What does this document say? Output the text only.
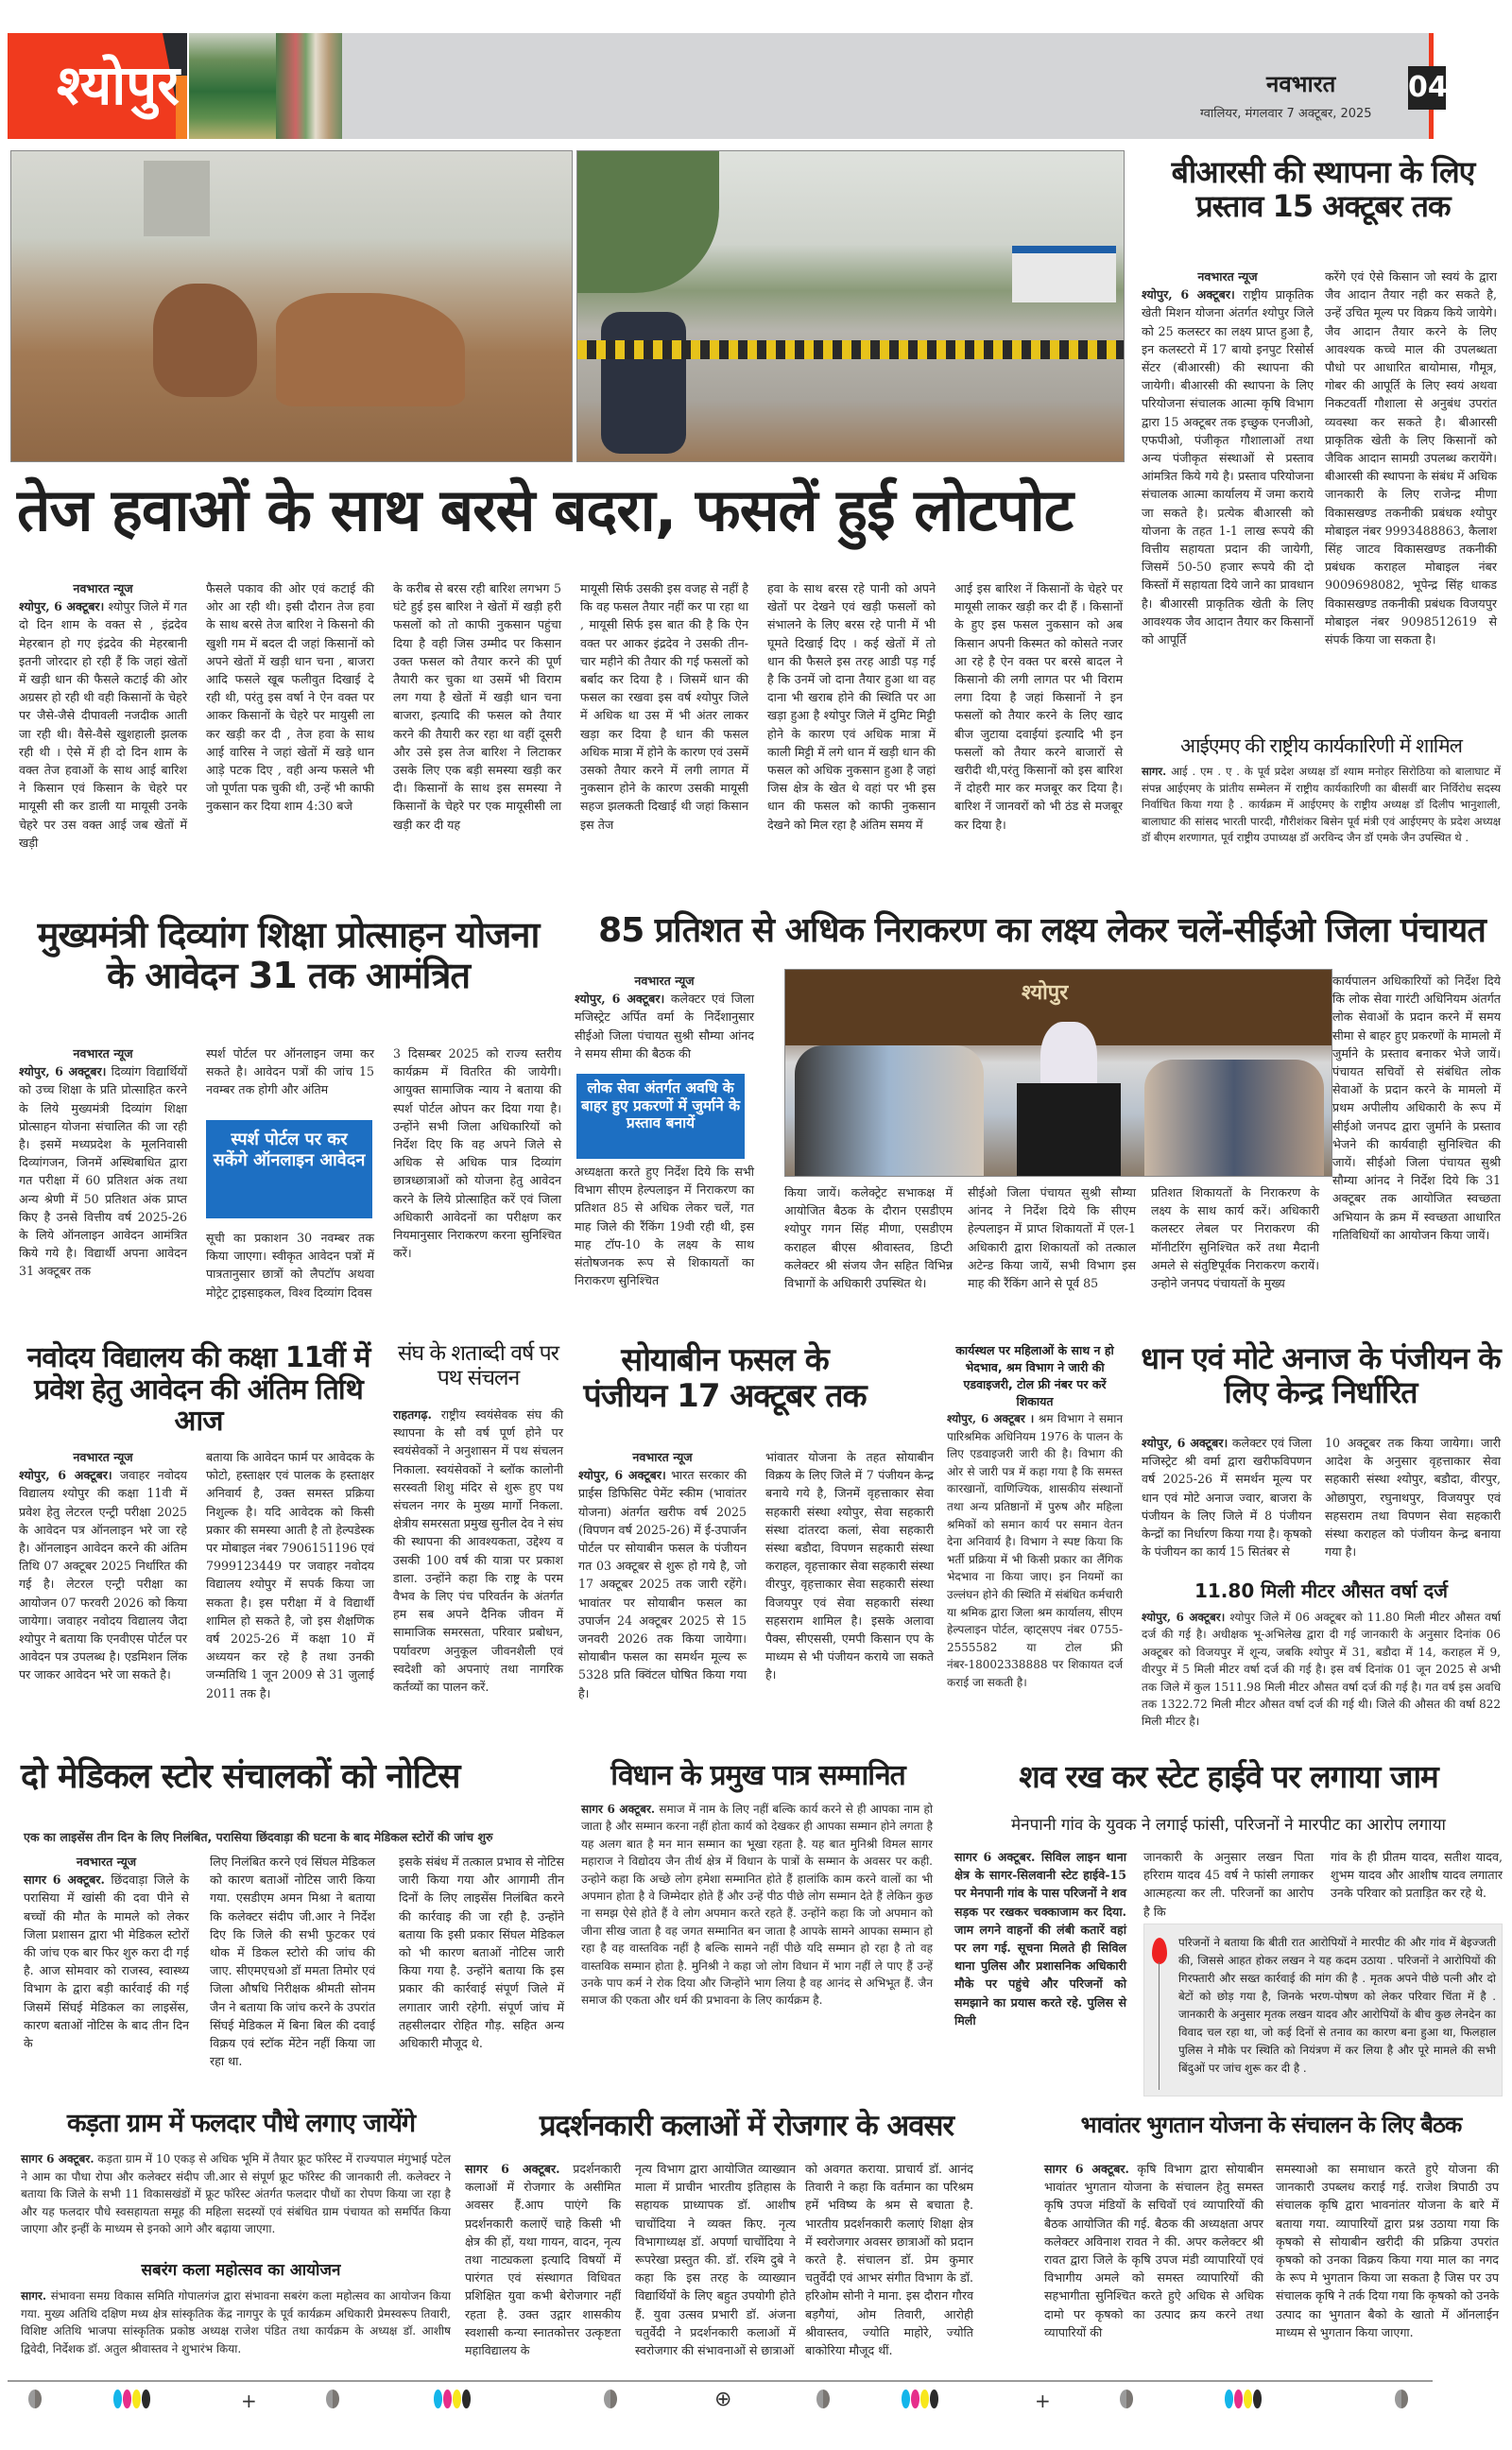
श्योपुर	नवभारत	04
ग्वालियर, मंगलवार 7 अक्टूबर, 2025
तेज हवाओं के साथ बरसे बदरा, फसलें हुई लोटपोट
नवभारत न्यूज
श्योपुर, 6 अक्टूबर। श्योपुर जिले में गत दो दिन शाम के वक्त से , इंद्रदेव मेहरबान हो गए इंद्रदेव की मेहरबानी इतनी जोरदार हो रही हैं कि जहां खेतों में खड़ी धान की फैसले कटाई की ओर अग्रसर हो रही थी वही किसानों के चेहरे पर जैसे-जैसे दीपावली नजदीक आती जा रही थी। वैसे-वैसे खुशहाली झलक रही थी । ऐसे में ही दो दिन शाम के वक्त तेज हवाओं के साथ आई बारिश ने किसान एवं किसान के चेहरे पर मायूसी सी कर डाली या मायूसी उनके चेहरे पर उस वक्त आई जब खेतों में खड़ी
फैसले पकाव की ओर एवं कटाई की ओर आ रही थी। इसी दौरान तेज हवा के साथ बरसे तेज बारिश ने किसनो की खुशी गम में बदल दी जहां किसानों को अपने खेतों में खड़ी धान चना , बाजरा आदि फसले खूब फलीवुत दिखाई दे रही थी, परंतु इस वर्षा ने ऐन वक्त पर आकर किसानों के चेहरे पर मायुसी ला कर खड़ी कर दी , तेज हवा के साथ आई वारिस ने जहां खेतों में खड़े धान आड़े पटक दिए , वही अन्य फसले भी जो पूर्णता पक चुकी थी, उन्हें भी काफी नुकसान कर दिया शाम 4:30 बजे
के करीब से बरस रही बारिश लगभग 5 घंटे हुई इस बारिश ने खेतों में खड़ी हरी फसलों को तो काफी नुकसान पहुंचा दिया है वही जिस उम्मीद पर किसान उक्त फसल को तैयार करने की पूर्ण तैयारी कर चुका था उसमें भी विराम लग गया है खेतों में खड़ी धान चना बाजरा, इत्यादि की फसल को तैयार करने की तैयारी कर रहा था वहीं दूसरी और उसे इस तेज बारिश ने लिटाकर उसके लिए एक बड़ी समस्या खड़ी कर दी। किसानों के साथ इस समस्या ने किसानों के चेहरे पर एक मायूसीसी ला खड़ी कर दी यह
मायूसी सिर्फ उसकी इस वजह से नहीं है कि वह फसल तैयार नहीं कर पा रहा था , मायूसी सिर्फ इस बात की है कि ऐन वक्त पर आकर इंद्रदेव ने उसकी तीन-चार महीने की तैयार की गई फसलों को बर्बाद कर दिया है । जिसमें धान की फसल का रखवा इस वर्ष श्योपुर जिले में अधिक था उस में भी अंतर लाकर खड़ा कर दिया है धान की फसल अधिक मात्रा में होने के कारण एवं उसमें उसको तैयार करने में लगी लागत में नुकसान होने के कारण उसकी मायूसी सहज झलकती दिखाई थी जहां किसान इस तेज
हवा के साथ बरस रहे पानी को अपने खेतों पर देखने एवं खड़ी फसलों को संभालने के लिए बरस रहे पानी में भी घूमते दिखाई दिए । कई खेतों में तो धान की फैसले इस तरह आडी पड़ गई है कि उनमें जो दाना तैयार हुआ था वह दाना भी खराब होने की स्थिति पर आ खड़ा हुआ है श्योपुर जिले में दुमिट मिट्टी होने के कारण एवं अधिक मात्रा में काली मिट्टी में लगे धान में खड़ी धान की फसल को अधिक नुकसान हुआ है जहां जिस क्षेत्र के खेत थे वहां पर भी इस धान की फसल को काफी नुकसान देखने को मिल रहा है अंतिम समय में
आई इस बारिश नें किसानों के चेहरे पर मायूसी लाकर खड़ी कर दी हैं । किसानों के हुए इस फसल नुकसान को अब किसान अपनी किस्मत को कोसते नजर आ रहे है ऐन वक्त पर बरसे बादल ने किसानो की लगी लागत पर भी विराम लगा दिया है जहां किसानों ने इन फसलों को तैयार करने के लिए खाद बीज जुटाया दवाईयां इत्यादि भी इन फसलों को तैयार करने बाजारों से खरीदी थी,परंतु किसानों को इस बारिश नें दोहरी मार कर मजबूर कर दिया है। बारिश नें जानवरों को भी ठंड से मजबूर कर दिया है।
बीआरसी की स्थापना के लिए प्रस्ताव 15 अक्टूबर तक
नवभारत न्यूज
श्योपुर, 6 अक्टूबर। राष्ट्रीय प्राकृतिक खेती मिशन योजना अंतर्गत श्योपुर जिले को 25 कलस्टर का लक्ष्य प्राप्त हुआ है, इन कलस्टरो में 17 बायो इनपुट रिसोर्स सेंटर (बीआरसी) की स्थापना की जायेगी। बीआरसी की स्थापना के लिए परियोजना संचालक आत्मा कृषि विभाग द्वारा 15 अक्टूबर तक इच्छुक एनजीओ, एफपीओ, पंजीकृत गौशालाओं तथा अन्य पंजीकृत संस्थाओं से प्रस्ताव आंमत्रित किये गये है। प्रस्ताव परियोजना संचालक आत्मा कार्यालय में जमा कराये जा सकते है। प्रत्येक बीआरसी को योजना के तहत 1-1 लाख रूपये की वित्तीय सहायता प्रदान की जायेगी, जिसमें 50-50 हजार रूपये की दो किस्तों में सहायता दिये जाने का प्रावधान है। बीआरसी प्राकृतिक खेती के लिए आवश्यक जैव आदान तैयार कर किसानों को आपूर्ति
करेंगे एवं ऐसे किसान जो स्वयं के द्वारा जैव आदान तैयार नही कर सकते है, उन्हें उचित मूल्य पर विक्रय किये जायेगे। जैव आदान तैयार करने के लिए आवश्यक कच्चे माल की उपलब्धता पौधो पर आधारित बायोमास, गौमूत्र, गोबर की आपूर्ति के लिए स्वयं अथवा निकटवर्ती गौशाला से अनुबंध उपरांत व्यवस्था कर सकते है। बीआरसी प्राकृतिक खेती के लिए किसानों को जैविक आदान सामग्री उपलब्ध करायेंगे। बीआरसी की स्थापना के संबंध में अधिक जानकारी के लिए राजेन्द्र मीणा विकासखण्ड तकनीकी प्रबंधक श्योपुर मोबाइल नंबर 9993488863, कैलाश सिंह जाटव विकासखण्ड तकनीकी प्रबंधक कराहल मोबाइल नंबर 9009698082, भूपेन्द्र सिंह धाकड विकासखण्ड तकनीकी प्रबंधक विजयपुर मोबाइल नंबर 9098512619 से संपर्क किया जा सकता है।
आईएमए की राष्ट्रीय कार्यकारिणी में शामिल
सागर. आई . एम . ए . के पूर्व प्रदेश अध्यक्ष डॉ श्याम मनोहर सिरोठिया को बालाघाट में संपन्न आईएमए के प्रांतीय सम्मेलन में राष्ट्रीय कार्यकारिणी का बीसवीं बार निर्विरोध सदस्य निर्वाचित किया गया है . कार्यक्रम में आईएमए के राष्ट्रीय अध्यक्ष डॉ दिलीप भानुशाली, बालाघाट की सांसद भारती पारदी, गौरीशंकर बिसेन पूर्व मंत्री एवं आईएमए के प्रदेश अध्यक्ष डॉ बीएम शरणागत, पूर्व राष्ट्रीय उपाध्यक्ष डॉ अरविन्द जैन डॉ एमके जैन उपस्थित थे .
मुख्यमंत्री दिव्यांग शिक्षा प्रोत्साहन योजना के आवेदन 31 तक आमंत्रित
नवभारत न्यूज
श्योपुर, 6 अक्टूबर। दिव्यांग विद्यार्थियों को उच्च शिक्षा के प्रति प्रोत्साहित करने के लिये मुख्यमंत्री दिव्यांग शिक्षा प्रोत्साहन योजना संचालित की जा रही है। इसमें मध्यप्रदेश के मूलनिवासी दिव्यांगजन, जिनमें अस्थिबाधित द्वारा गत परीक्षा में 60 प्रतिशत अंक तथा अन्य श्रेणी में 50 प्रतिशत अंक प्राप्त किए है उनसे वित्तीय वर्ष 2025-26 के लिये ऑनलाइन आवेदन आमंत्रित किये गये है। विद्यार्थी अपना आवेदन 31 अक्टूबर तक
स्पर्श पोर्टल पर ऑनलाइन जमा कर सकते है। आवेदन पत्रों की जांच 15 नवम्बर तक होगी और अंतिम
स्पर्श पोर्टल पर कर सकेंगे ऑनलाइन आवेदन
सूची का प्रकाशन 30 नवम्बर तक किया जाएगा। स्वीकृत आवेदन पत्रों में पात्रतानुसार छात्रों को लैपटॉप अथवा मोट्रेट ट्राइसाइकल, विश्व दिव्यांग दिवस
3 दिसम्बर 2025 को राज्य स्तरीय कार्यक्रम में वितरित की जायेगी। आयुक्त सामाजिक न्याय ने बताया की स्पर्श पोर्टल ओपन कर दिया गया है। उन्होंने सभी जिला अधिकारियों को निर्देश दिए कि वह अपने जिले से अधिक से अधिक पात्र दिव्यांग छात्रध्छात्राओं को योजना हेतु आवेदन करने के लिये प्रोत्साहित करें एवं जिला अधिकारी आवेदनों का परीक्षण कर नियमानुसार निराकरण करना सुनिश्चित करें।
85 प्रतिशत से अधिक निराकरण का लक्ष्य लेकर चलें-सीईओ जिला पंचायत
नवभारत न्यूज
श्योपुर, 6 अक्टूबर। कलेक्टर एवं जिला मजिस्ट्रेट अर्पित वर्मा के निर्देशानुसार सीईओ जिला पंचायत सुश्री सौम्या आंनद ने समय सीमा की बैठक की
लोक सेवा अंतर्गत अवधि के बाहर हुए प्रकरणों में जुर्माने के प्रस्ताव बनायें
अध्यक्षता करते हुए निर्देश दिये कि सभी विभाग सीएम हेल्पलाइन में निराकरण का प्रतिशत 85 से अधिक लेकर चलें, गत माह जिले की रैंकिंग 19वी रही थी, इस माह टॉप-10 के लक्ष्य के साथ संतोषजनक रूप से शिकायतों का निराकरण सुनिश्चित
श्योपुर
किया जायें। कलेक्ट्रेट सभाकक्ष में आयोजित बैठक के दौरान एसडीएम श्योपुर गगन सिंह मीणा, एसडीएम कराहल बीएस श्रीवास्तव, डिप्टी कलेक्टर श्री संजय जैन सहित विभिन्न विभागों के अधिकारी उपस्थित थे।
सीईओ जिला पंचायत सुश्री सौम्या आंनद ने निर्देश दिये कि सीएम हेल्पलाइन में प्राप्त शिकायतों में एल-1 अधिकारी द्वारा शिकायतों को तत्काल अटेन्ड किया जायें, सभी विभाग इस माह की रैंकिंग आने से पूर्व 85
प्रतिशत शिकायतों के निराकरण के लक्ष्य के साथ कार्य करें। अधिकारी कलस्टर लेबल पर निराकरण की मॉनीटरिंग सुनिश्चित करें तथा मैदानी अमले से संतुष्टिपूर्वक निराकरण करायें। उन्होने जनपद पंचायतों के मुख्य
कार्यपालन अधिकारियों को निर्देश दिये कि लोक सेवा गारंटी अधिनियम अंतर्गत लोक सेवाओं के प्रदान करने में समय सीमा से बाहर हुए प्रकरणों के मामलो में जुर्माने के प्रस्ताव बनाकर भेजे जायें। पंचायत सचिवों से संबंधित लोक सेवाओं के प्रदान करने के मामलो में प्रथम अपीलीय अधिकारी के रूप में सीईओ जनपद द्वारा जुर्माने के प्रस्ताव भेजने की कार्यवाही सुनिश्चित की जायें। सीईओ जिला पंचायत सुश्री सौम्या आंनद ने निर्देश दिये कि 31 अक्टूबर तक आयोजित स्वच्छता अभियान के क्रम में स्वच्छता आधारित गतिविधियों का आयोजन किया जायें।
नवोदय विद्यालय की कक्षा 11वीं में प्रवेश हेतु आवेदन की अंतिम तिथि आज
नवभारत न्यूज
श्योपुर, 6 अक्टूबर। जवाहर नवोदय विद्यालय श्योपुर की कक्षा 11वी में प्रवेश हेतु लेटरल एन्ट्री परीक्षा 2025 के आवेदन पत्र ऑनलाइन भरे जा रहे है। ऑनलाइन आवेदन करने की अंतिम तिथि 07 अक्टूबर 2025 निर्धारित की गई है। लेटरल एन्ट्री परीक्षा का आयोजन 07 फरवरी 2026 को किया जायेगा। जवाहर नवोदय विद्यालय जैदा श्योपुर ने बताया कि एनवीएस पोर्टल पर आवेदन पत्र उपलब्ध है। एडमिशन लिंक पर जाकर आवेदन भरे जा सकते है।
बताया कि आवेदन फार्म पर आवेदक के फोटो, हस्ताक्षर एवं पालक के हस्ताक्षर अनिवार्य है, उक्त समस्त प्रक्रिया निशुल्क है। यदि आवेदक को किसी प्रकार की समस्या आती है तो हेल्पडेस्क पर मोबाइल नंबर 7906151196 एवं 7999123449 पर जवाहर नवोदय विद्यालय श्योपुर में सपर्क किया जा सकता है। इस परीक्षा में वे विद्यार्थी शामिल हो सकते है, जो इस शैक्षणिक वर्ष 2025-26 में कक्षा 10 में अध्ययन कर रहे है तथा उनकी जन्मतिथि 1 जून 2009 से 31 जुलाई 2011 तक है।
संघ के शताब्दी वर्ष पर पथ संचलन
राहतगढ़. राष्ट्रीय स्वयंसेवक संघ की स्थापना के सौ वर्ष पूर्ण होने पर स्वयंसेवकों ने अनुशासन में पथ संचलन निकाला. स्वयंसेवकों ने ब्लॉक कालोनी सरस्वती शिशु मंदिर से शुरू हुए पथ संचलन नगर के मुख्य मार्गो निकला. क्षेत्रीय समरसता प्रमुख सुनील देव ने संघ की स्थापना की आवश्यकता, उद्देश्य व उसकी 100 वर्ष की यात्रा पर प्रकाश डाला. उन्होंने कहा कि राष्ट्र के परम वैभव के लिए पंच परिवर्तन के अंतर्गत हम सब अपने दैनिक जीवन में सामाजिक समरसता, परिवार प्रबोधन, पर्यावरण अनुकूल जीवनशैली एवं स्वदेशी को अपनाएं तथा नागरिक कर्तव्यों का पालन करें.
सोयाबीन फसल के पंजीयन 17 अक्टूबर तक
नवभारत न्यूज
श्योपुर, 6 अक्टूबर। भारत सरकार की प्राईस डिफिसिट पेमेंट स्कीम (भावांतर योजना) अंतर्गत खरीफ वर्ष 2025 (विपणन वर्ष 2025-26) में ई-उपार्जन पोर्टल पर सोयाबीन फसल के पंजीयन गत 03 अक्टूबर से शुरू हो गये है, जो 17 अक्टूबर 2025 तक जारी रहेंगे। भावांतर पर सोयाबीन फसल का उपार्जन 24 अक्टूबर 2025 से 15 जनवरी 2026 तक किया जायेगा। सोयाबीन फसल का समर्थन मूल्य रू 5328 प्रति क्विंटल घोषित किया गया है।
भांवातर योजना के तहत सोयाबीन विक्रय के लिए जिले में 7 पंजीयन केन्द्र बनाये गये है, जिनमें वृहत्ताकार सेवा सहकारी संस्था श्योपुर, सेवा सहकारी संस्था दांतरदा कलां, सेवा सहकारी संस्था बडौदा, विपणन सहकारी संस्था कराहल, वृहत्ताकार सेवा सहकारी संस्था वीरपुर, वृहत्ताकार सेवा सहकारी संस्था विजयपुर एवं सेवा सहकारी संस्था सहसराम शामिल है। इसके अलावा पैक्स, सीएससी, एमपी किसान एप के माध्यम से भी पंजीयन कराये जा सकते है।
कार्यस्थल पर महिलाओं के साथ न हो भेदभाव, श्रम विभाग ने जारी की एडवाइजरी, टोल फ्री नंबर पर करें शिकायत
श्योपुर, 6 अक्टूबर । श्रम विभाग ने समान पारिश्रमिक अधिनियम 1976 के पालन के लिए एडवाइजरी जारी की है। विभाग की ओर से जारी पत्र में कहा गया है कि समस्त कारखानों, वाणिज्यिक, शासकीय संस्थानों तथा अन्य प्रतिष्ठानों में पुरुष और महिला श्रमिकों को समान कार्य पर समान वेतन देना अनिवार्य है। विभाग ने स्पष्ट किया कि भर्ती प्रक्रिया में भी किसी प्रकार का लैंगिक भेदभाव ना किया जाए। इन नियमों का उल्लंघन होने की स्थिति में संबंधित कर्मचारी या श्रमिक द्वारा जिला श्रम कार्यालय, सीएम हेल्पलाइन पोर्टल, व्हाट्सएप नंबर 0755-2555582 या टोल फ्री नंबर-18002338888 पर शिकायत दर्ज कराई जा सकती है।
धान एवं मोटे अनाज के पंजीयन के लिए केन्द्र निर्धारित
श्योपुर, 6 अक्टूबर। कलेक्टर एवं जिला मजिस्ट्रेट श्री वर्मा द्वारा खरीफविपणन वर्ष 2025-26 में समर्थन मूल्य पर धान एवं मोटे अनाज ज्वार, बाजरा के पंजीयन के लिए जिले में 8 पंजीयन केन्द्रों का निर्धारण किया गया है। कृषको के पंजीयन का कार्य 15 सितंबर से
10 अक्टूबर तक किया जायेगा। जारी आदेश के अनुसार वृहत्ताकार सेवा सहकारी संस्था श्योपुर, बडौदा, वीरपुर, ओछापुरा, रघुनाथपुर, विजयपुर एवं सहसराम तथा विपणन सेवा सहकारी संस्था कराहल को पंजीयन केन्द्र बनाया गया है।
11.80 मिली मीटर औसत वर्षा दर्ज
श्योपुर, 6 अक्टूबर। श्योपुर जिले में 06 अक्टूबर को 11.80 मिली मीटर औसत वर्षा दर्ज की गई है। अधीक्षक भू-अभिलेख द्वारा दी गई जानकारी के अनुसार दिनांक 06 अक्टूबर को विजयपुर में शून्य, जबकि श्योपुर में 31, बडौदा में 14, कराहल में 9, वीरपुर में 5 मिली मीटर वर्षा दर्ज की गई है। इस वर्ष दिनांक 01 जून 2025 से अभी तक जिले में कुल 1511.98 मिली मीटर औसत वर्षा दर्ज की गई है। गत वर्ष इस अवधि तक 1322.72 मिली मीटर औसत वर्षा दर्ज की गई थी। जिले की औसत की वर्षा 822 मिली मीटर है।
दो मेडिकल स्टोर संचालकों को नोटिस
एक का लाइसेंस तीन दिन के लिए निलंबित, परासिया छिंदवाड़ा की घटना के बाद मेडिकल स्टोरों की जांच शुरु
नवभारत न्यूज
सागर 6 अक्टूबर. छिंदवाड़ा जिले के परासिया में खांसी की दवा पीने से बच्चों की मौत के मामले को लेकर जिला प्रशासन द्वारा भी मेडिकल स्टोरों की जांच एक बार फिर शुरु करा दी गई है. आज सोमवार को राजस्व, स्वास्थ्य विभाग के द्वारा बड़ी कार्रवाई की गई जिसमें सिंघई मेडिकल का लाइसेंस, कारण बताओं नोटिस के बाद तीन दिन के
लिए निलंबित करने एवं सिंघल मेडिकल को कारण बताओं नोटिस जारी किया गया. एसडीएम अमन मिश्रा ने बताया कि कलेक्टर संदीप जी.आर ने निर्देश दिए कि जिले की सभी फुटकर एवं थोक में डिकल स्टोरो की जांच की जाए. सीएमएचओ डॉ ममता तिमोर एवं जिला औषधि निरीक्षक श्रीमती सोनम जैन ने बताया कि जांच करने के उपरांत सिंघई मेडिकल में बिना बिल की दवाई विक्रय एवं स्टॉक मेंटेन नहीं किया जा रहा था.
इसके संबंध में तत्काल प्रभाव से नोटिस जारी किया गया और आगामी तीन दिनों के लिए लाइसेंस निलंबित करने की कार्रवाइ की जा रही है. उन्होंने बताया कि इसी प्रकार सिंघल मेडिकल को भी कारण बताओं नोटिस जारी किया गया है. उन्होंने बताया कि इस प्रकार की कार्रवाई संपूर्ण जिले में लगातार जारी रहेगी. संपूर्ण जांच में तहसीलदार रोहित गौड़. सहित अन्य अधिकारी मौजूद थे.
विधान के प्रमुख पात्र सम्मानित
सागर 6 अक्टूबर. समाज में नाम के लिए नहीं बल्कि कार्य करने से ही आपका नाम हो जाता है और सम्मान करना नहीं होता कार्य को देखकर ही आपका सम्मान होने लगता है यह अलग बात है मन मान सम्मान का भूखा रहता है. यह बात मुनिश्री विमल सागर महाराज ने विद्योदय जैन तीर्थ क्षेत्र में विधान के पात्रों के सम्मान के अवसर पर कही. उन्होने कहा कि अच्छे लोग हमेशा सम्मानित होते हैं हालांकि काम करने वालों का भी अपमान होता है वे जिम्मेदार होते हैं और उन्हें पीठ पीछे लोग सम्मान देते हैं लेकिन कुछ ना समझ ऐसे होते हैं वे लोग अपमान करते रहते हैं. उन्होंने कहा कि जो अपमान को जीना सीख जाता है वह जगत सम्मानित बन जाता है आपके सामने आपका सम्मान हो रहा है वह वास्तविक नहीं है बल्कि सामने नहीं पीछे यदि सम्मान हो रहा है तो वह वास्तविक सम्मान होता है. मुनिश्री ने कहा जो लोग विधान में भाग नहीं ले पाए हैं उन्हें उनके पाप कर्म ने रोक दिया और जिन्होंने भाग लिया है वह आनंद से अभिभूत हैं. जैन समाज की एकता और धर्म की प्रभावना के लिए कार्यक्रम है.
शव रख कर स्टेट हाईवे पर लगाया जाम
मेनपानी गांव के युवक ने लगाई फांसी, परिजनों ने मारपीट का आरोप लगाया
सागर 6 अक्टूबर. सिविल लाइन थाना क्षेत्र के सागर-सिलवानी स्टेट हाईवे-15 पर मेनपानी गांव के पास परिजनों ने शव सड़क पर रखकर चक्काजाम कर दिया. जाम लगने वाहनों की लंबी कतारें वहां पर लग गई. सूचना मिलते ही सिविल थाना पुलिस और प्रशासनिक अधिकारी मौके पर पहुंचे और परिजनों को समझाने का प्रयास करते रहे. पुलिस से मिली
जानकारी के अनुसार लखन पिता हरिराम यादव 45 वर्ष ने फांसी लगाकर आत्महत्या कर ली. परिजनों का आरोप है कि
गांव के ही प्रीतम यादव, सतीश यादव, शुभम यादव और आशीष यादव लगातार उनके परिवार को प्रताड़ित कर रहे थे.
परिजनों ने बताया कि बीती रात आरोपियों ने मारपीट की और गांव में बेइज्जती की, जिससे आहत होकर लखन ने यह कदम उठाया . परिजनों ने आरोपियों की गिरफ्तारी और सख्त कार्रवाई की मांग की है . मृतक अपने पीछे पत्नी और दो बेटों को छोड़ गया है, जिनके भरण-पोषण को लेकर परिवार चिंता में है . जानकारी के अनुसार मृतक लखन यादव और आरोपियों के बीच कुछ लेनदेन का विवाद चल रहा था, जो कई दिनों से तनाव का कारण बना हुआ था, फिलहाल पुलिस ने मौके पर स्थिति को नियंत्रण में कर लिया है और पूरे मामले की सभी बिंदुओं पर जांच शुरू कर दी है .
कड़ता ग्राम में फलदार पौधे लगाए जायेंगे
सागर 6 अक्टूबर. कड़ता ग्राम में 10 एकड़ से अधिक भूमि में तैयार फ्रूट फॉरेस्ट में राज्यपाल मंगुभाई पटेल ने आम का पौधा रोपा और कलेक्टर संदीप जी.आर से संपूर्ण फ्रूट फॉरेस्ट की जानकारी ली. कलेक्टर ने बताया कि जिले के सभी 11 विकासखंडों में फ्रूट फॉरेस्ट अंतर्गत फलदार पौधों का रोपण किया जा रहा है और यह फलदार पौधे स्वसहायता समूह की महिला सदस्यों एवं संबंधित ग्राम पंचायत को समर्पित किया जाएगा और इन्हीं के माध्यम से इनको आगे और बढ़ाया जाएगा.
सबरंग कला महोत्सव का आयोजन
सागर. संभावना समग्र विकास समिति गोपालगंज द्वारा संभावना सबरंग कला महोत्सव का आयोजन किया गया. मुख्य अतिथि दक्षिण मध्य क्षेत्र सांस्कृतिक केंद्र नागपुर के पूर्व कार्यक्रम अधिकारी प्रेमस्वरूप तिवारी, विशिष्ट अतिथि भाजपा सांस्कृतिक प्रकोष्ठ अध्यक्ष राजेश पंडित तथा कार्यक्रम के अध्यक्ष डॉ. आशीष द्विवेदी, निर्देशक डॉ. अतुल श्रीवास्तव ने शुभारंभ किया.
प्रदर्शनकारी कलाओं में रोजगार के अवसर
सागर 6 अक्टूबर. प्रदर्शनकारी कलाओं में रोजगार के असीमित अवसर हैं.आप पाएंगे कि प्रदर्शनकारी कलाऐं चाहे किसी भी क्षेत्र की हों, यथा गायन, वादन, नृत्य तथा नाट्यकला इत्यादि विषयों में पारंगत एवं संस्थागत विधिवत प्रशिक्षित युवा कभी बेरोजगार नहीं रहता है. उक्त उद्गार शासकीय स्वशासी कन्या स्नातकोत्तर उत्कृष्टता महाविद्यालय के
नृत्य विभाग द्वारा आयोजित व्याख्यान माला में प्राचीन भारतीय इतिहास के सहायक प्राध्यापक डॉ. आशीष चाचोंदिया ने व्यक्त किए. नृत्य विभागाध्यक्ष डॉ. अपर्णा चाचोंदिया ने रूपरेखा प्रस्तुत की. डॉ. रश्मि दुबे ने कहा कि इस तरह के व्याख्यान विद्यार्थियों के लिए बहुत उपयोगी होते हैं. युवा उत्सव प्रभारी डॉ. अंजना चतुर्वेदी ने प्रदर्शनकारी कलाओं में स्वरोजगार की संभावनाओं से छात्राओं
को अवगत कराया. प्राचार्य डॉ. आनंद तिवारी ने कहा कि वर्तमान का परिश्रम हमें भविष्य के श्रम से बचाता है. भारतीय प्रदर्शनकारी कलाएं शिक्षा क्षेत्र में स्वरोजगार अवसर छात्राओं को प्रदान करते है. संचालन डॉ. प्रेम कुमार चतुर्वेदी एवं आभर संगीत विभाग के डॉ. हरिओम सोनी ने माना. इस दौरान गौरव बड़गैयां, ओम तिवारी, आरोही श्रीवास्तव, ज्योति माहोरे, ज्योति बाकोरिया मौजूद थीं.
भावांतर भुगतान योजना के संचालन के लिए बैठक
सागर 6 अक्टूबर. कृषि विभाग द्वारा सोयाबीन भावांतर भुगतान योजना के संचालन हेतु समस्त कृषि उपज मंडियों के सचिवों एवं व्यापारियों की बैठक आयोजित की गई. बैठक की अध्यक्षता अपर कलेक्टर अविनाश रावत ने की. अपर कलेक्टर श्री रावत द्वारा जिले के कृषि उपज मंडी व्यापारियों एवं विभागीय अमले को समस्त व्यापारियों की सहभागीता सुनिश्चित करते हुऐ अधिक से अधिक दामो पर कृषको का उत्पाद क्रय करने तथा व्यापारियों की
समस्याओ का समाधान करते हुऐ योजना की जानकारी उपब्लध कराई गई. राजेश त्रिपाठी उप संचालक कृषि द्वारा भावनांतर योजना के बारे में बताया गया. व्यापारियों द्वारा प्रश्न उठाया गया कि कृषको से सोयाबीन खरीदी की प्रक्रिया उपरांत कृषको को उनका विक्रय किया गया माल का नगद के रूप मे भुगतान किया जा सकता है जिस पर उप संचालक कृषि ने तर्क दिया गया कि कृषको को उनके उत्पाद का भुगतान बैको के खातो में ऑनलाईन माध्यम से भुगतान किया जाएगा.
+	⊕	+
